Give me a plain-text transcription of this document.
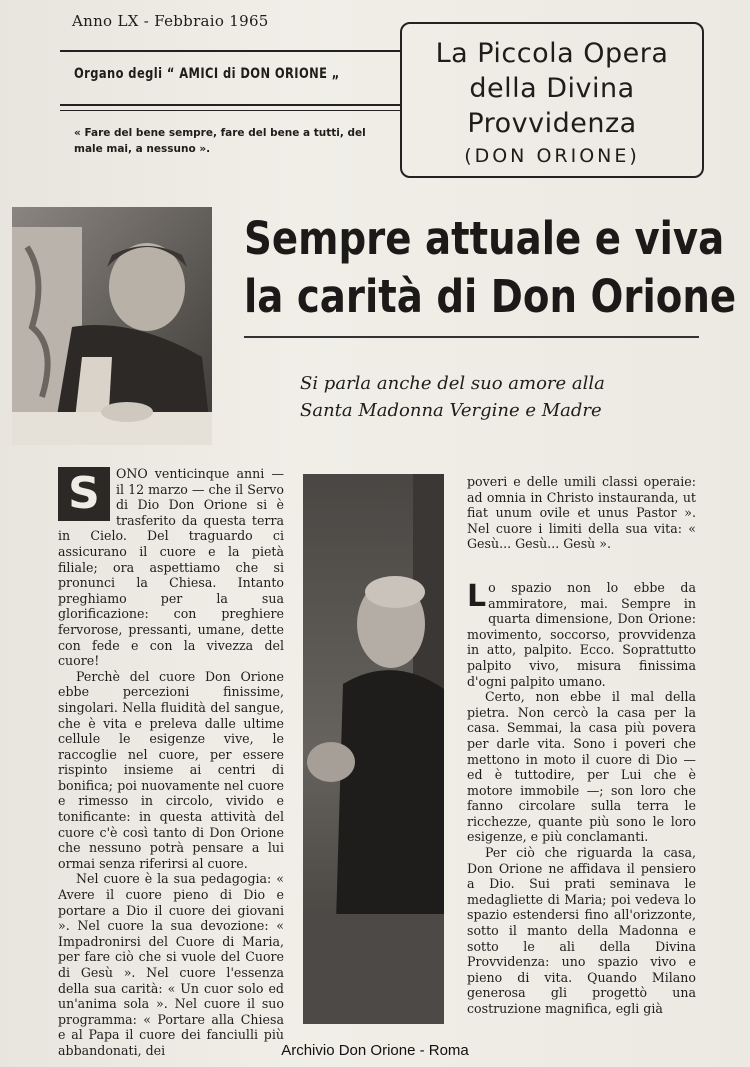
Anno LX - Febbraio 1965
Organo degli “ AMICI di DON ORIONE „
« Fare del bene sempre, fare del bene a tutti, del male mai, a nessuno ».
La Piccola Opera
della Divina
Provvidenza
(DON ORIONE)
Sempre attuale e viva
la carità di Don Orione
Si parla anche del suo amore alla
Santa Madonna Vergine e Madre

S	ONO venticinque anni — il 12 marzo — che il Servo di Dio Don Orione si è trasferito da questa terra in Cielo. Del traguardo ci assicurano il cuore e la pietà filiale; ora aspettiamo che si pronunci la Chiesa. Intanto preghiamo per la sua glorificazione: con preghiere fervorose, pressanti, umane, dette con fede e con la vivezza del cuore!

Perchè del cuore Don Orione ebbe percezioni finissime, singolari. Nella fluidità del sangue, che è vita e preleva dalle ultime cellule le esigenze vive, le raccoglie nel cuore, per essere rispinto insieme ai centri di bonifica; poi nuovamente nel cuore e rimesso in circolo, vivido e tonificante: in questa attività del cuore c'è così tanto di Don Orione che nessuno potrà pensare a lui ormai senza riferirsi al cuore.

Nel cuore è la sua pedagogia: « Avere il cuore pieno di Dio e portare a Dio il cuore dei giovani ». Nel cuore la sua devozione: « Impadronirsi del Cuore di Maria, per fare ciò che si vuole del Cuore di Gesù ». Nel cuore l'essenza della sua carità: « Un cuor solo ed un'anima sola ». Nel cuore il suo programma: « Portare alla Chiesa e al Papa il cuore dei fanciulli più abbandonati, dei

poveri e delle umili classi operaie: ad omnia in Christo instauranda, ut fiat unum ovile et unus Pastor ». Nel cuore i limiti della sua vita: « Gesù... Gesù... Gesù ».

Lo spazio non lo ebbe da ammiratore, mai. Sempre in quarta dimensione, Don Orione: movimento, soccorso, provvidenza in atto, palpito. Ecco. Soprattutto palpito vivo, misura finissima d'ogni palpito umano.

Certo, non ebbe il mal della pietra. Non cercò la casa per la casa. Semmai, la casa più povera per darle vita. Sono i poveri che mettono in moto il cuore di Dio — ed è tuttodire, per Lui che è motore immobile —; son loro che fanno circolare sulla terra le ricchezze, quante più sono le loro esigenze, e più conclamanti.

Per ciò che riguarda la casa, Don Orione ne affidava il pensiero a Dio. Sui prati seminava le medagliette di Maria; poi vedeva lo spazio estendersi fino all'orizzonte, sotto il manto della Madonna e sotto le ali della Divina Provvidenza: uno spazio vivo e pieno di vita. Quando Milano generosa gli progettò una costruzione magnifica, egli già

Archivio Don Orione - Roma
